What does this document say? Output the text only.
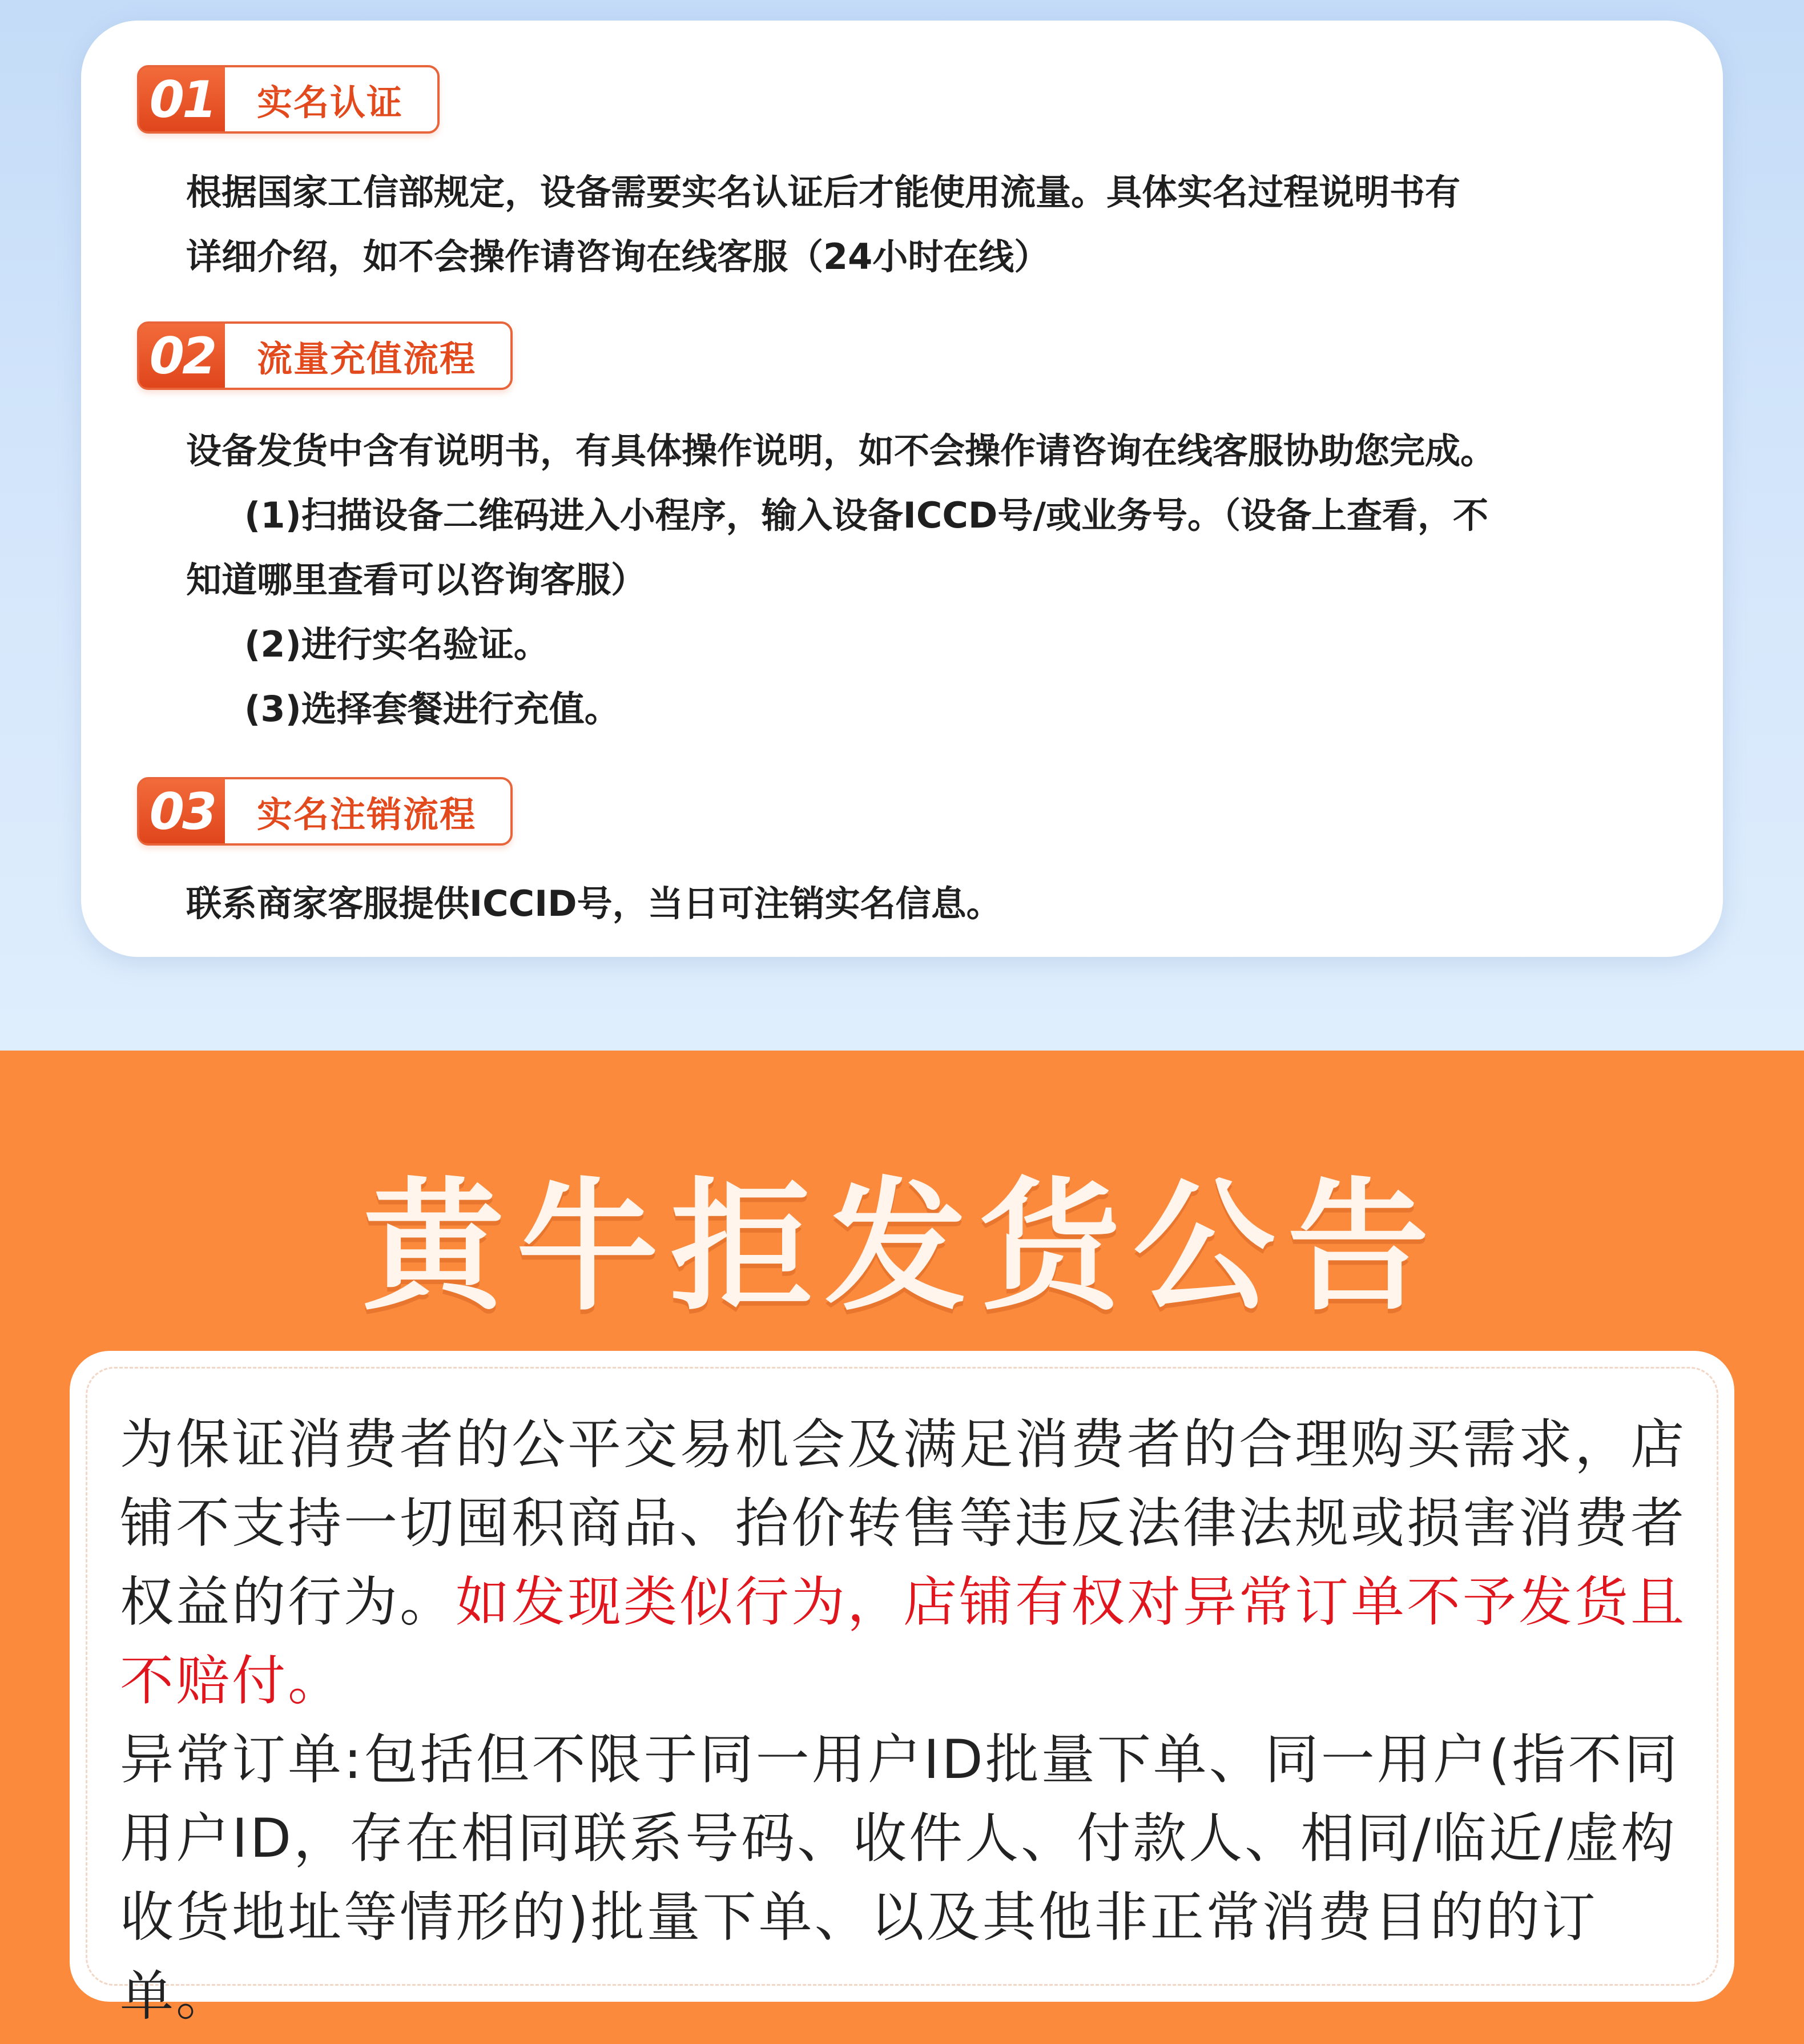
01	实名认证

根据国家工信部规定，设备需要实名认证后才能使用流量。具体实名过程说明书有

详细介绍，如不会操作请咨询在线客服（24小时在线）

02	流量充值流程

设备发货中含有说明书，有具体操作说明，如不会操作请咨询在线客服协助您完成。

(1)扫描设备二维码进入小程序，输入设备ICCD号/或业务号。（设备上查看，不

知道哪里查看可以咨询客服）

(2)进行实名验证。

(3)选择套餐进行充值。

03	实名注销流程

联系商家客服提供ICCID号，当日可注销实名信息。

黄牛拒发货公告

为保证消费者的公平交易机会及满足消费者的合理购买需求，店铺不支持一切囤积商品、抬价转售等违反法律法规或损害消费者权益的行为。如发现类似行为，店铺有权对异常订单不予发货且不赔付。
异常订单:包括但不限于同一用户ID批量下单、同一用户(指不同用户ID，存在相同联系号码、收件人、付款人、相同/临近/虚构收货地址等情形的)批量下单、以及其他非正常消费目的的订单。
